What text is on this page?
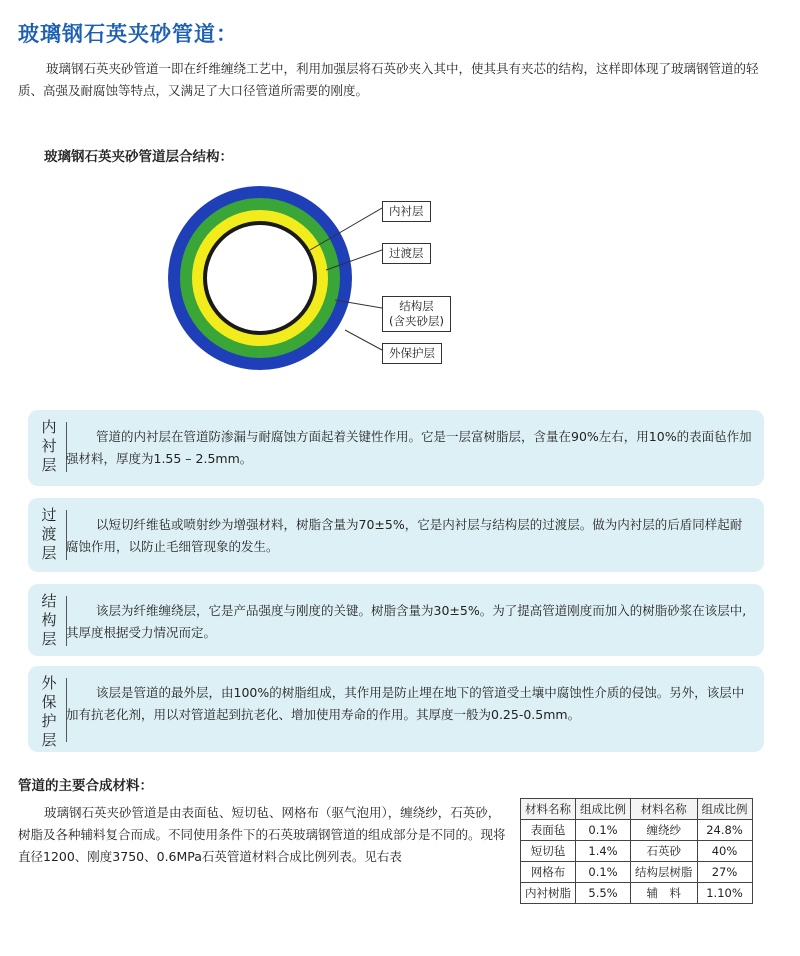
玻璃钢石英夹砂管道：
玻璃钢石英夹砂管道一即在纤维缠绕工艺中，利用加强层将石英砂夹入其中，使其具有夹芯的结构，这样即体现了玻璃钢管道的轻质、高强及耐腐蚀等特点，又满足了大口径管道所需要的刚度。
玻璃钢石英夹砂管道层合结构：
内衬层
过渡层
结构层
(含夹砂层)
外保护层
内
衬
层
管道的内衬层在管道防渗漏与耐腐蚀方面起着关键性作用。它是一层富树脂层，含量在90%左右，用10%的表面毡作加强材料，厚度为1.55 – 2.5mm。
过
渡
层
以短切纤维毡或喷射纱为增强材料，树脂含量为70±5%，它是内衬层与结构层的过渡层。做为内衬层的后盾同样起耐腐蚀作用，以防止毛细管现象的发生。
结
构
层
该层为纤维缠绕层，它是产品强度与刚度的关键。树脂含量为30±5%。为了提高管道刚度而加入的树脂砂浆在该层中,其厚度根据受力情况而定。
外
保
护
层
该层是管道的最外层，由100%的树脂组成，其作用是防止埋在地下的管道受土壤中腐蚀性介质的侵蚀。另外，该层中加有抗老化剂，用以对管道起到抗老化、增加使用寿命的作用。其厚度一般为0.25-0.5mm。
管道的主要合成材料：
玻璃钢石英夹砂管道是由表面毡、短切毡、网格布（驱气泡用），缠绕纱，石英砂，树脂及各种辅料复合而成。不同使用条件下的石英玻璃钢管道的组成部分是不同的。现将直径1200、刚度3750、0.6MPa石英管道材料合成比例列表。见右表
材料名称	组成比例	材料名称	组成比例
表面毡	0.1%	缠绕纱	24.8%
短切毡	1.4%	石英砂	40%
网格布	0.1%	结构层树脂	27%
内衬树脂	5.5%	辅　料	1.10%
